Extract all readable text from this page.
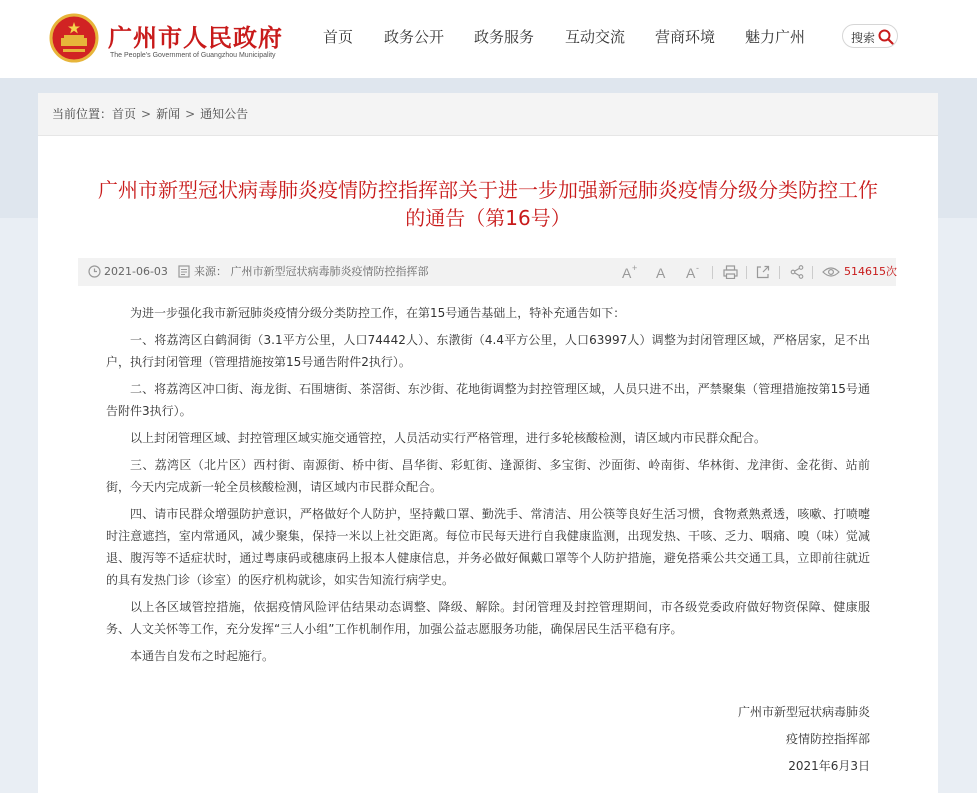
广州市人民政府
The People's Government of Guangzhou Municipality
首页 政务公开 政务服务 互动交流 营商环境 魅力广州	搜索
当前位置：首页 > 新闻 > 通知公告
广州市新型冠状病毒肺炎疫情防控指挥部关于进一步加强新冠肺炎疫情分级分类防控工作的通告（第16号）
2021-06-03 来源： 广州市新型冠状病毒肺炎疫情防控指挥部	A + A A -	514615次

为进一步强化我市新冠肺炎疫情分级分类防控工作，在第15号通告基础上，特补充通告如下：

一、将荔湾区白鹤洞街（3.1平方公里，人口74442人）、东漖街（4.4平方公里，人口63997人）调整为封闭管理区域，严格居家，足不出户，执行封闭管理（管理措施按第15号通告附件2执行）。

二、将荔湾区冲口街、海龙街、石围塘街、茶滘街、东沙街、花地街调整为封控管理区域，人员只进不出，严禁聚集（管理措施按第15号通告附件3执行）。

以上封闭管理区域、封控管理区域实施交通管控，人员活动实行严格管理，进行多轮核酸检测，请区域内市民群众配合。

三、荔湾区（北片区）西村街、南源街、桥中街、昌华街、彩虹街、逢源街、多宝街、沙面街、岭南街、华林街、龙津街、金花街、站前街，今天内完成新一轮全员核酸检测，请区域内市民群众配合。

四、请市民群众增强防护意识，严格做好个人防护，坚持戴口罩、勤洗手、常清洁、用公筷等良好生活习惯，食物煮熟煮透，咳嗽、打喷嚏时注意遮挡，室内常通风，减少聚集，保持一米以上社交距离。每位市民每天进行自我健康监测，出现发热、干咳、乏力、咽痛、嗅（味）觉减退、腹泻等不适症状时，通过粤康码或穗康码上报本人健康信息，并务必做好佩戴口罩等个人防护措施，避免搭乘公共交通工具，立即前往就近的具有发热门诊（诊室）的医疗机构就诊，如实告知流行病学史。

以上各区域管控措施，依据疫情风险评估结果动态调整、降级、解除。封闭管理及封控管理期间，市各级党委政府做好物资保障、健康服务、人文关怀等工作，充分发挥“三人小组”工作机制作用，加强公益志愿服务功能，确保居民生活平稳有序。

本通告自发布之时起施行。

广州市新型冠状病毒肺炎
疫情防控指挥部
2021年6月3日
